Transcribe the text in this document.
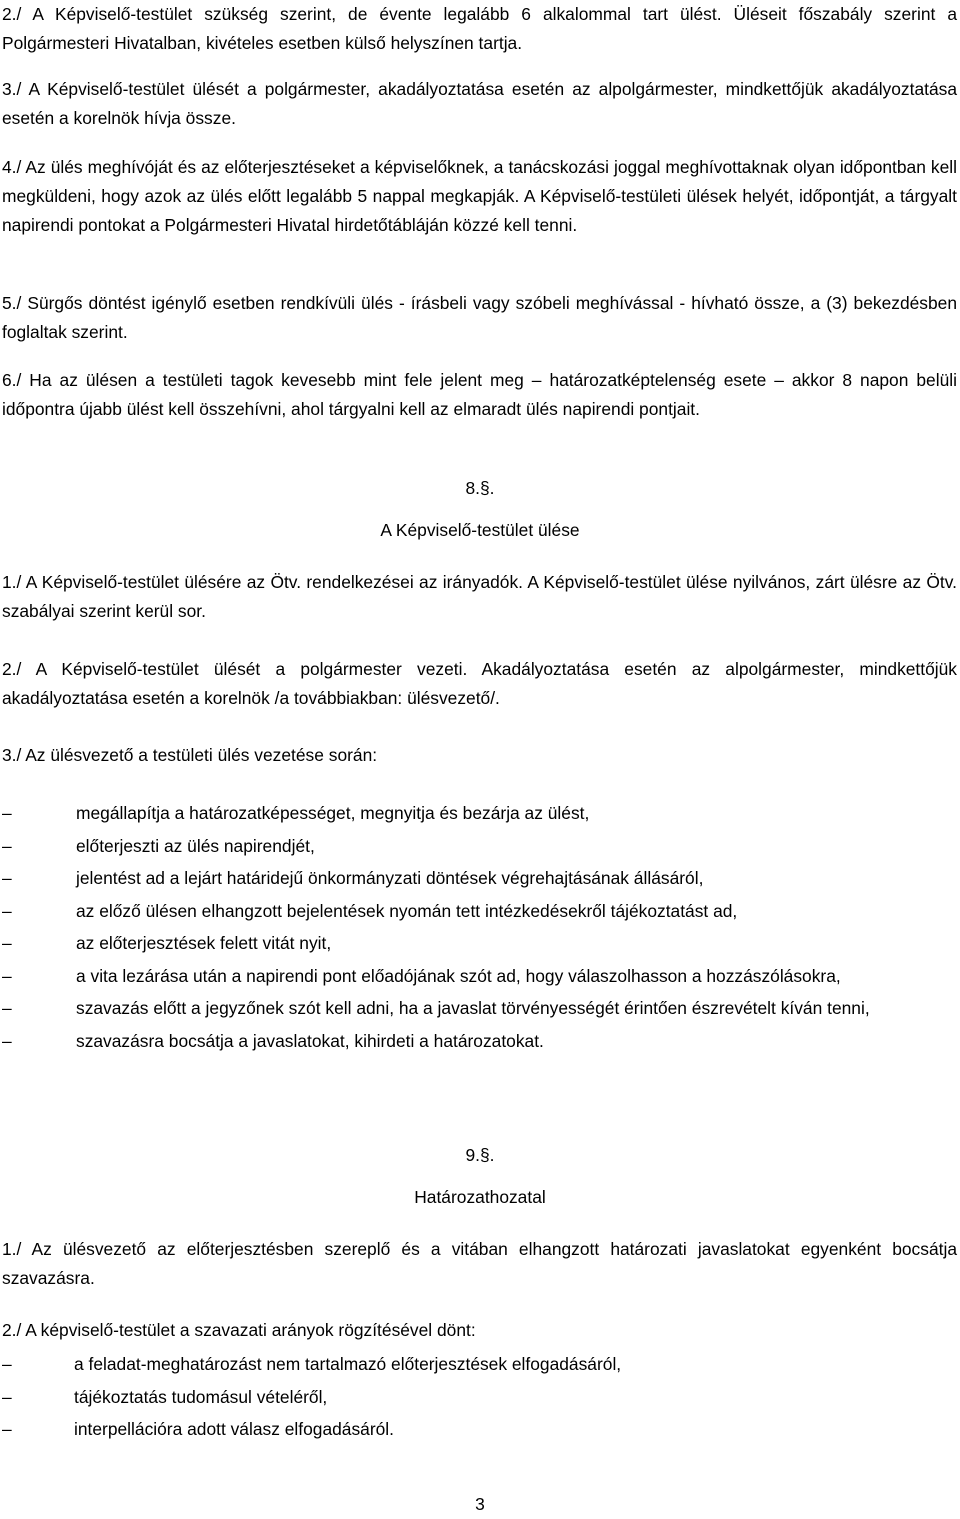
2./ A Képviselő-testület szükség szerint, de évente legalább 6 alkalommal tart ülést. Üléseit főszabály szerint a Polgármesteri Hivatalban, kivételes esetben külső helyszínen tartja.

3./ A Képviselő-testület ülését a polgármester, akadályoztatása esetén az alpolgármester, mindkettőjük akadályoztatása esetén a korelnök hívja össze.

4./ Az ülés meghívóját és az előterjesztéseket a képviselőknek, a tanácskozási joggal meghívottaknak olyan időpontban kell megküldeni, hogy azok az ülés előtt legalább 5 nappal megkapják. A Képviselő-testületi ülések helyét, időpontját, a tárgyalt napirendi pontokat a Polgármesteri Hivatal hirdetőtábláján közzé kell tenni.

5./ Sürgős döntést igénylő esetben rendkívüli ülés - írásbeli vagy szóbeli meghívással - hívható össze, a (3) bekezdésben foglaltak szerint.

6./ Ha az ülésen a testületi tagok kevesebb mint fele jelent meg – határozatképtelenség esete – akkor 8 napon belüli időpontra újabb ülést kell összehívni, ahol tárgyalni kell az elmaradt ülés napirendi pontjait.

8.§.

A Képviselő-testület ülése

1./ A Képviselő-testület ülésére az Ötv. rendelkezései az irányadók. A Képviselő-testület ülése nyilvános, zárt ülésre az Ötv. szabályai szerint kerül sor.

2./ A Képviselő-testület ülését a polgármester vezeti. Akadályoztatása esetén az alpolgármester, mindkettőjük akadályoztatása esetén a korelnök /a továbbiakban: ülésvezető/.

3./ Az ülésvezető a testületi ülés vezetése során:

–	megállapítja a határozatképességet, megnyitja és bezárja az ülést,
–	előterjeszti az ülés napirendjét,
–	jelentést ad a lejárt határidejű önkormányzati döntések végrehajtásának állásáról,
–	az előző ülésen elhangzott bejelentések nyomán tett intézkedésekről tájékoztatást ad,
–	az előterjesztések felett vitát nyit,
–	a vita lezárása után a napirendi pont előadójának szót ad, hogy válaszolhasson a hozzászólásokra,
–	szavazás előtt a jegyzőnek szót kell adni, ha a javaslat törvényességét érintően észrevételt kíván tenni,
–	szavazásra bocsátja a javaslatokat, kihirdeti a határozatokat.

9.§.

Határozathozatal

1./ Az ülésvezető az előterjesztésben szereplő és a vitában elhangzott határozati javaslatokat egyenként bocsátja szavazásra.

2./ A képviselő-testület a szavazati arányok rögzítésével dönt:

–	a feladat-meghatározást nem tartalmazó előterjesztések elfogadásáról,
–	tájékoztatás tudomásul vételéről,
–	interpellációra adott válasz elfogadásáról.
3
